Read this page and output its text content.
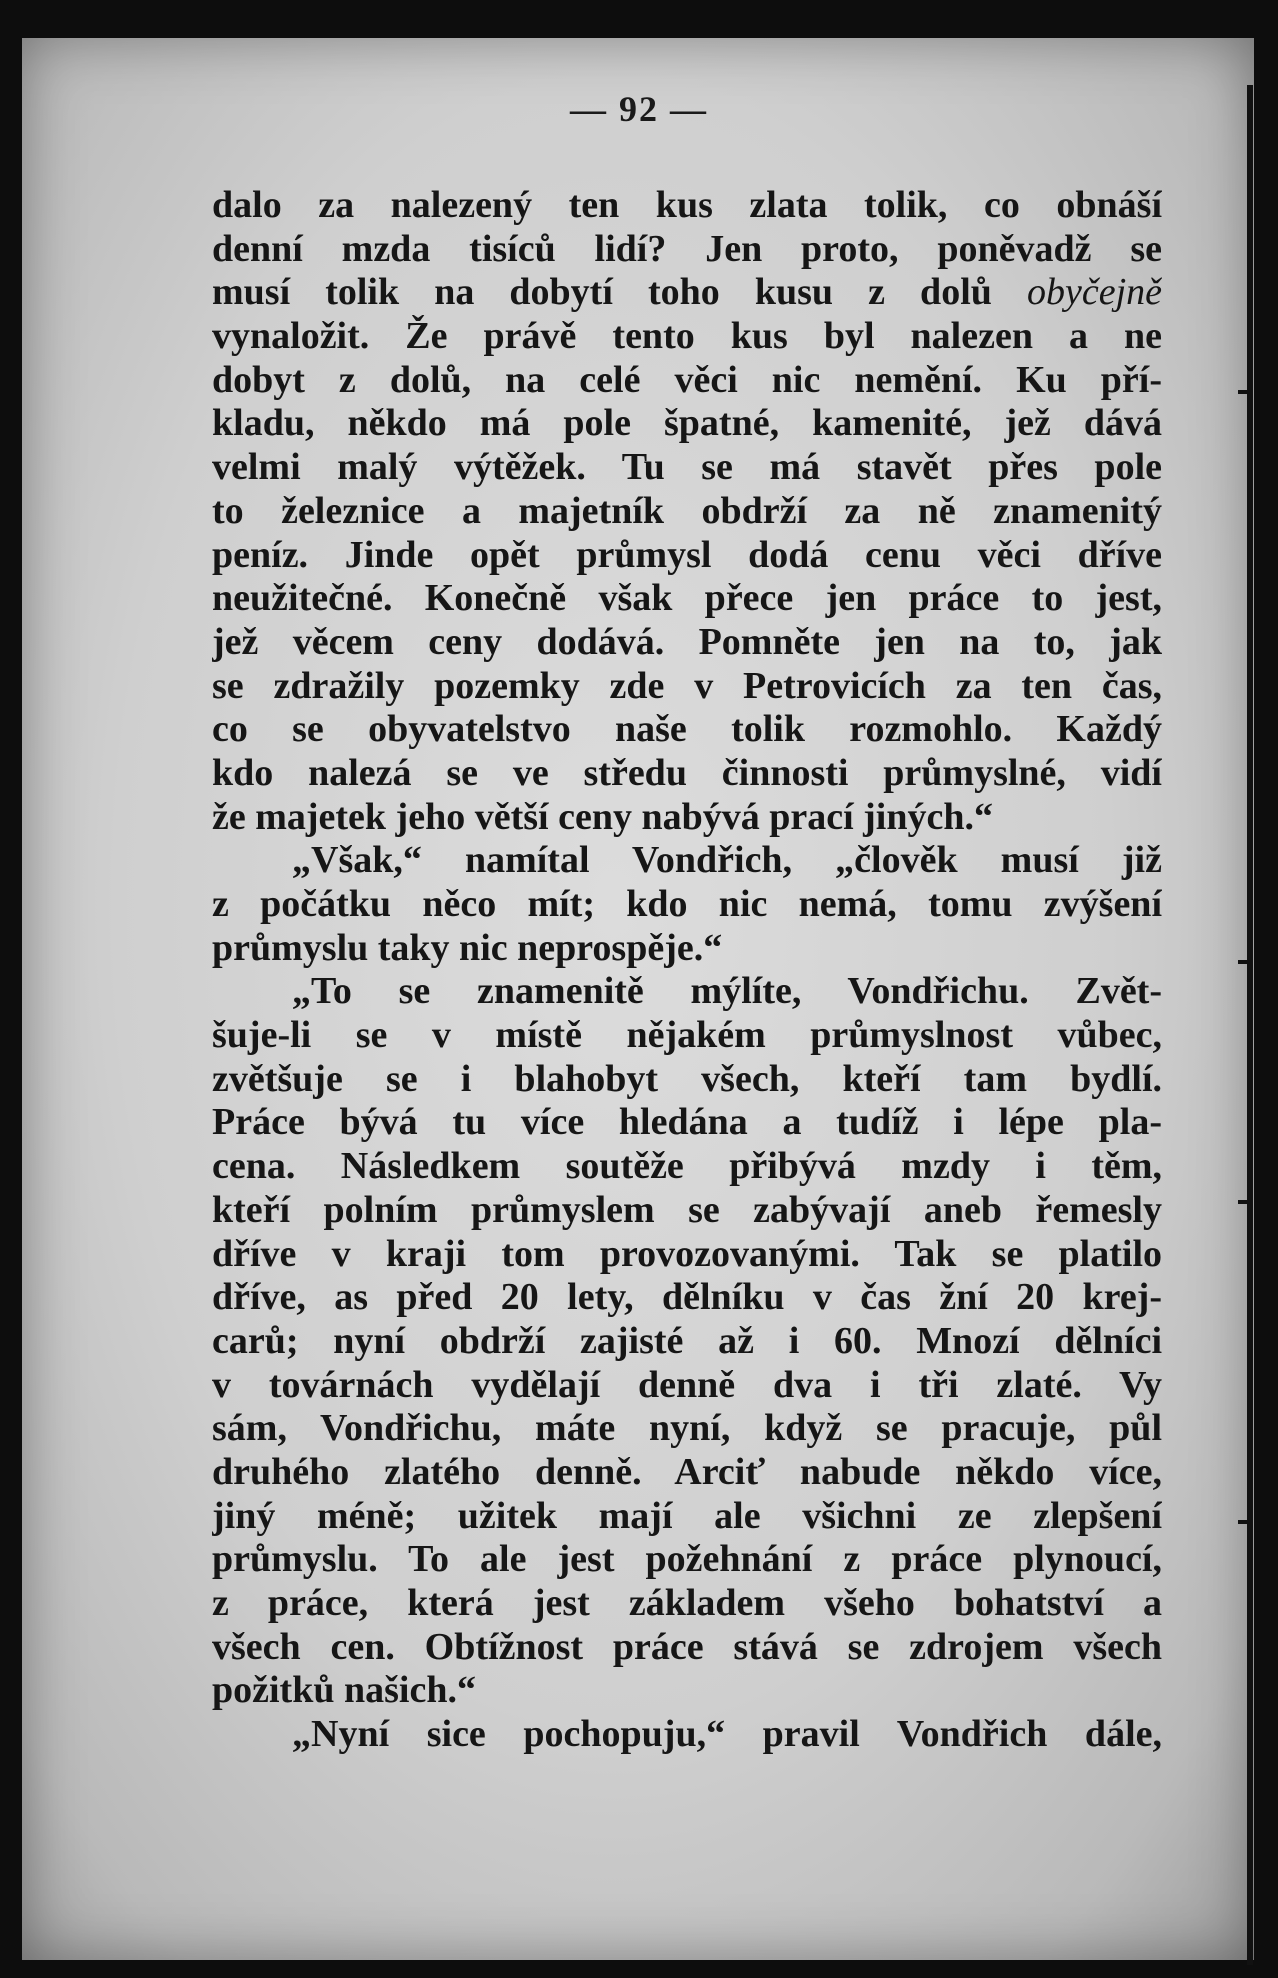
— 92 —
dalo za nalezený ten kus zlata tolik, co obnáší
denní mzda tisíců lidí? Jen proto, poněvadž se
musí tolik na dobytí toho kusu z dolů obyčejně
vynaložit. Že právě tento kus byl nalezen a ne
dobyt z dolů, na celé věci nic nemění. Ku pří-
kladu, někdo má pole špatné, kamenité, jež dává
velmi malý výtěžek. Tu se má stavět přes pole
to železnice a majetník obdrží za ně znamenitý
peníz. Jinde opět průmysl dodá cenu věci dříve
neužitečné. Konečně však přece jen práce to jest,
jež věcem ceny dodává. Pomněte jen na to, jak
se zdražily pozemky zde v Petrovicích za ten čas,
co se obyvatelstvo naše tolik rozmohlo. Každý
kdo nalezá se ve středu činnosti průmyslné, vidí
že majetek jeho větší ceny nabývá prací jiných.“
„Však,“ namítal Vondřich, „člověk musí již
z počátku něco mít; kdo nic nemá, tomu zvýšení
průmyslu taky nic neprospěje.“
„To se znamenitě mýlíte, Vondřichu. Zvět-
šuje-li se v místě nějakém průmyslnost vůbec,
zvětšuje se i blahobyt všech, kteří tam bydlí.
Práce bývá tu více hledána a tudíž i lépe pla-
cena. Následkem soutěže přibývá mzdy i těm,
kteří polním průmyslem se zabývají aneb řemesly
dříve v kraji tom provozovanými. Tak se platilo
dříve, as před 20 lety, dělníku v čas žní 20 krej-
carů; nyní obdrží zajisté až i 60. Mnozí dělníci
v továrnách vydělají denně dva i tři zlaté. Vy
sám, Vondřichu, máte nyní, když se pracuje, půl
druhého zlatého denně. Arciť nabude někdo více,
jiný méně; užitek mají ale všichni ze zlepšení
průmyslu. To ale jest požehnání z práce plynoucí,
z práce, která jest základem všeho bohatství a
všech cen. Obtížnost práce stává se zdrojem všech
požitků našich.“
„Nyní sice pochopuju,“ pravil Vondřich dále,
